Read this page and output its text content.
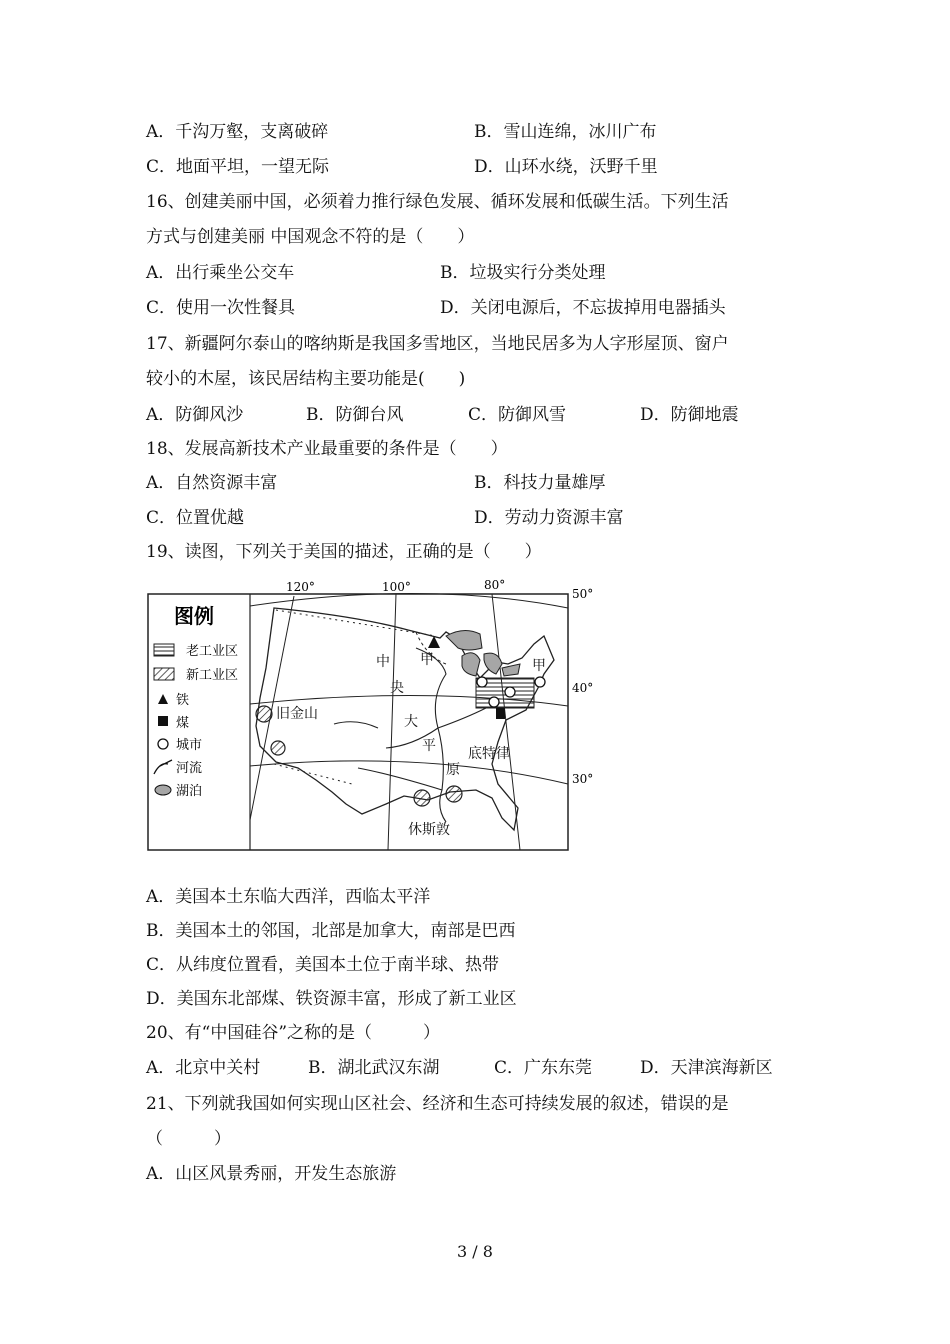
A．千沟万壑，支离破碎	B．雪山连绵，冰川广布
C．地面平坦，一望无际	D．山环水绕，沃野千里
16、创建美丽中国，必须着力推行绿色发展、循环发展和低碳生活。下列生活
方式与创建美丽 中国观念不符的是（　　）
A．出行乘坐公交车	B．垃圾实行分类处理
C．使用一次性餐具	D．关闭电源后，不忘拔掉用电器插头
17、新疆阿尔泰山的喀纳斯是我国多雪地区，当地民居多为人字形屋顶、窗户
较小的木屋，该民居结构主要功能是(　　)
A．防御风沙	B．防御台风	C．防御风雪	D．防御地震
18、发展高新技术产业最重要的条件是（　　）
A．自然资源丰富	B．科技力量雄厚
C．位置优越	D．劳动力资源丰富
19、读图，下列关于美国的描述，正确的是（　　）
图例
老工业区
新工业区
铁
煤
城市
河流
湖泊
120°	100°	80°
50°
40°
30°
旧金山
休斯敦
底特律
甲	甲
中
央
大
平
原
A．美国本土东临大西洋，西临太平洋
B．美国本土的邻国，北部是加拿大，南部是巴西
C．从纬度位置看，美国本土位于南半球、热带
D．美国东北部煤、铁资源丰富，形成了新工业区
20、有“中国硅谷”之称的是（　　　）
A．北京中关村	B．湖北武汉东湖	C．广东东莞	D．天津滨海新区
21、下列就我国如何实现山区社会、经济和生态可持续发展的叙述，错误的是
（　　　）
A．山区风景秀丽，开发生态旅游
3 / 8
